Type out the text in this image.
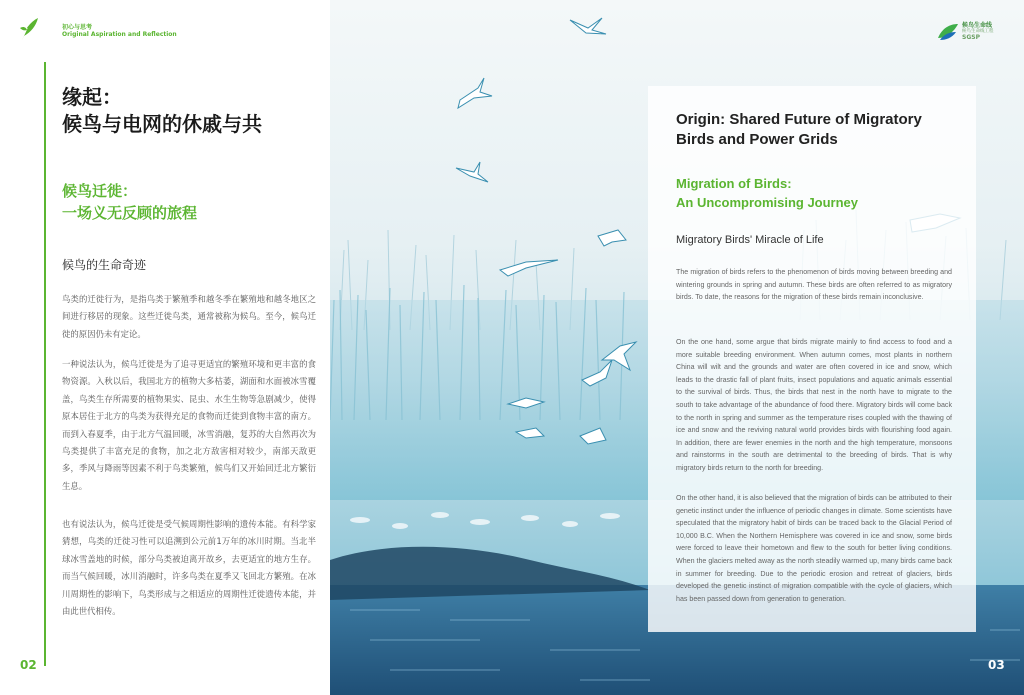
初心与思考
Original Aspiration and Reflection
缘起：
候鸟与电网的休戚与共
候鸟迁徙：
一场义无反顾的旅程
候鸟的生命奇迹

鸟类的迁徙行为，是指鸟类于繁殖季和越冬季在繁殖地和越冬地区之间进行移居的现象。这些迁徙鸟类，通常被称为候鸟。至今，候鸟迁徙的原因仍未有定论。

一种说法认为，候鸟迁徙是为了追寻更适宜的繁殖环境和更丰富的食物资源。入秋以后，我国北方的植物大多枯萎，湖面和水面被冰雪覆盖，鸟类生存所需要的植物果实、昆虫、水生生物等急剧减少，使得原本居住于北方的鸟类为获得充足的食物而迁徙到食物丰富的南方。而到入春夏季，由于北方气温回暖，冰雪消融，复苏的大自然再次为鸟类提供了丰富充足的食物，加之北方敌害相对较少，南部天敌更多，季风与降雨等因素不利于鸟类繁殖，候鸟们又开始回迁北方繁衍生息。

也有说法认为，候鸟迁徙是受气候周期性影响的遗传本能。有科学家猜想，鸟类的迁徙习性可以追溯到公元前1万年的冰川时期。当北半球冰雪盖地的时候，部分鸟类被迫离开故乡，去更适宜的地方生存。而当气候回暖，冰川消融时，许多鸟类在夏季又飞回北方繁殖。在冰川周期性的影响下，鸟类形成与之相适应的周期性迁徙遗传本能，并由此世代相传。

02
候鸟生命线
候鸟生命线工程
SGSP
Origin: Shared Future of Migratory Birds and Power Grids
Migration of Birds:
An Uncompromising Journey
Migratory Birds' Miracle of Life

The migration of birds refers to the phenomenon of birds moving between breeding and wintering grounds in spring and autumn. These birds are often referred to as migratory birds. To date, the reasons for the migration of these birds remain inconclusive.

On the one hand, some argue that birds migrate mainly to find access to food and a more suitable breeding environment. When autumn comes, most plants in northern China will wilt and the grounds and water are often covered in ice and snow, which leads to the drastic fall of plant fruits, insect populations and aquatic animals essential to the survival of birds. Thus, the birds that nest in the north have to migrate to the south to take advantage of the abundance of food there. Migratory birds will come back to the north in spring and summer as the temperature rises coupled with the thawing of ice and snow and the reviving natural world provides birds with flourishing food again. In addition, there are fewer enemies in the north and the high temperature, monsoons and rainstorms in the south are detrimental to the breeding of birds. That is why migratory birds return to the north for breeding.

On the other hand, it is also believed that the migration of birds can be attributed to their genetic instinct under the influence of periodic changes in climate. Some scientists have speculated that the migratory habit of birds can be traced back to the Glacial Period of 10,000 B.C. When the Northern Hemisphere was covered in ice and snow, some birds were forced to leave their hometown and flew to the south for better living conditions. When the glaciers melted away as the north steadily warmed up, many birds came back in summer for breeding. Due to the periodic erosion and retreat of glaciers, birds developed the genetic instinct of migration compatible with the cycle of glaciers, which has been passed down from generation to generation.

03
